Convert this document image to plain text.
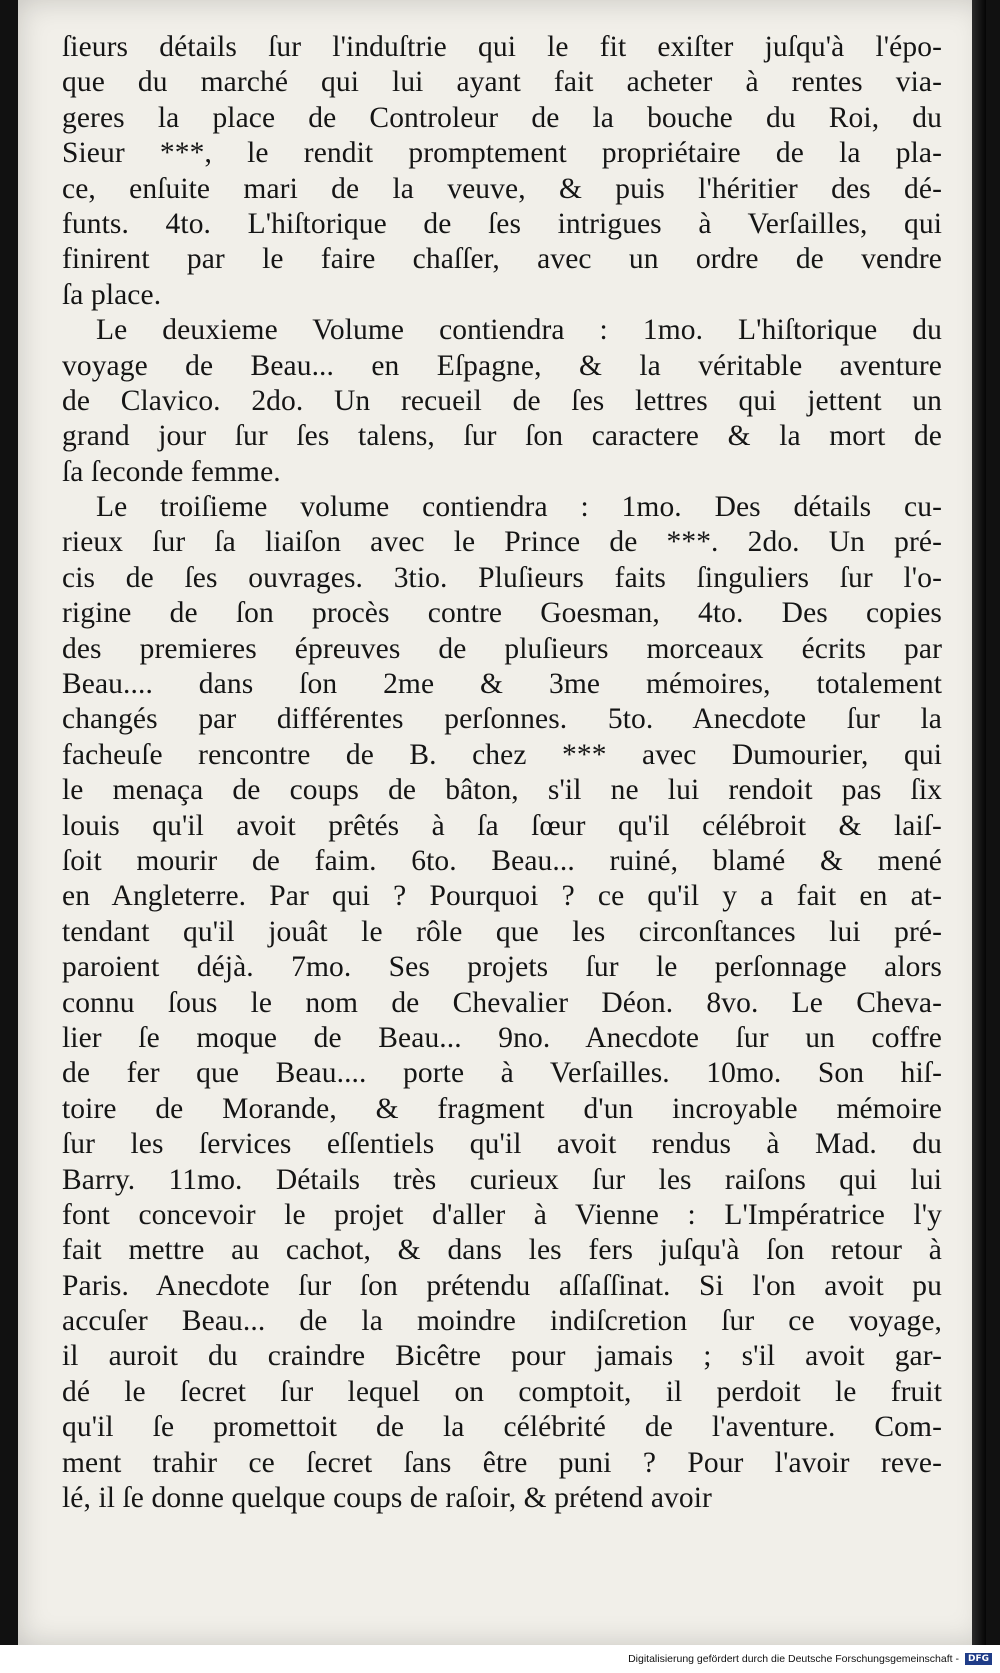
ſieurs détails ſur l'induſtrie qui le fit exiſter juſqu'à l'épo-
que du marché qui lui ayant fait acheter à rentes via-
geres la place de Controleur de la bouche du Roi, du
Sieur ***, le rendit promptement propriétaire de la pla-
ce, enſuite mari de la veuve, & puis l'héritier des dé-
funts. 4to. L'hiſtorique de ſes intrigues à Verſailles, qui
finirent par le faire chaſſer, avec un ordre de vendre
ſa place.
Le deuxieme Volume contiendra : 1mo. L'hiſtorique du
voyage de Beau... en Eſpagne, & la véritable aventure
de Clavico. 2do. Un recueil de ſes lettres qui jettent un
grand jour ſur ſes talens, ſur ſon caractere & la mort de
ſa ſeconde femme.
Le troiſieme volume contiendra : 1mo. Des détails cu-
rieux ſur ſa liaiſon avec le Prince de ***. 2do. Un pré-
cis de ſes ouvrages. 3tio. Pluſieurs faits ſinguliers ſur l'o-
rigine de ſon procès contre Goesman, 4to. Des copies
des premieres épreuves de pluſieurs morceaux écrits par
Beau.... dans ſon 2me & 3me mémoires, totalement
changés par différentes perſonnes. 5to. Anecdote ſur la
facheuſe rencontre de B. chez *** avec Dumourier, qui
le menaça de coups de bâton, s'il ne lui rendoit pas ſix
louis qu'il avoit prêtés à ſa ſœur qu'il célébroit & laiſ-
ſoit mourir de faim. 6to. Beau... ruiné, blamé & mené
en Angleterre. Par qui ? Pourquoi ? ce qu'il y a fait en at-
tendant qu'il jouât le rôle que les circonſtances lui pré-
paroient déjà. 7mo. Ses projets ſur le perſonnage alors
connu ſous le nom de Chevalier Déon. 8vo. Le Cheva-
lier ſe moque de Beau... 9no. Anecdote ſur un coffre
de fer que Beau.... porte à Verſailles. 10mo. Son hiſ-
toire de Morande, & fragment d'un incroyable mémoire
ſur les ſervices eſſentiels qu'il avoit rendus à Mad. du
Barry. 11mo. Détails très curieux ſur les raiſons qui lui
font concevoir le projet d'aller à Vienne : L'Impératrice l'y
fait mettre au cachot, & dans les fers juſqu'à ſon retour à
Paris. Anecdote ſur ſon prétendu aſſaſſinat. Si l'on avoit pu
accuſer Beau... de la moindre indiſcretion ſur ce voyage,
il auroit du craindre Bicêtre pour jamais ; s'il avoit gar-
dé le ſecret ſur lequel on comptoit, il perdoit le fruit
qu'il ſe promettoit de la célébrité de l'aventure. Com-
ment trahir ce ſecret ſans être puni ? Pour l'avoir reve-
lé, il ſe donne quelque coups de raſoir, & prétend avoir
Digitalisierung gefördert durch die Deutsche Forschungsgemeinschaft -	DFG
